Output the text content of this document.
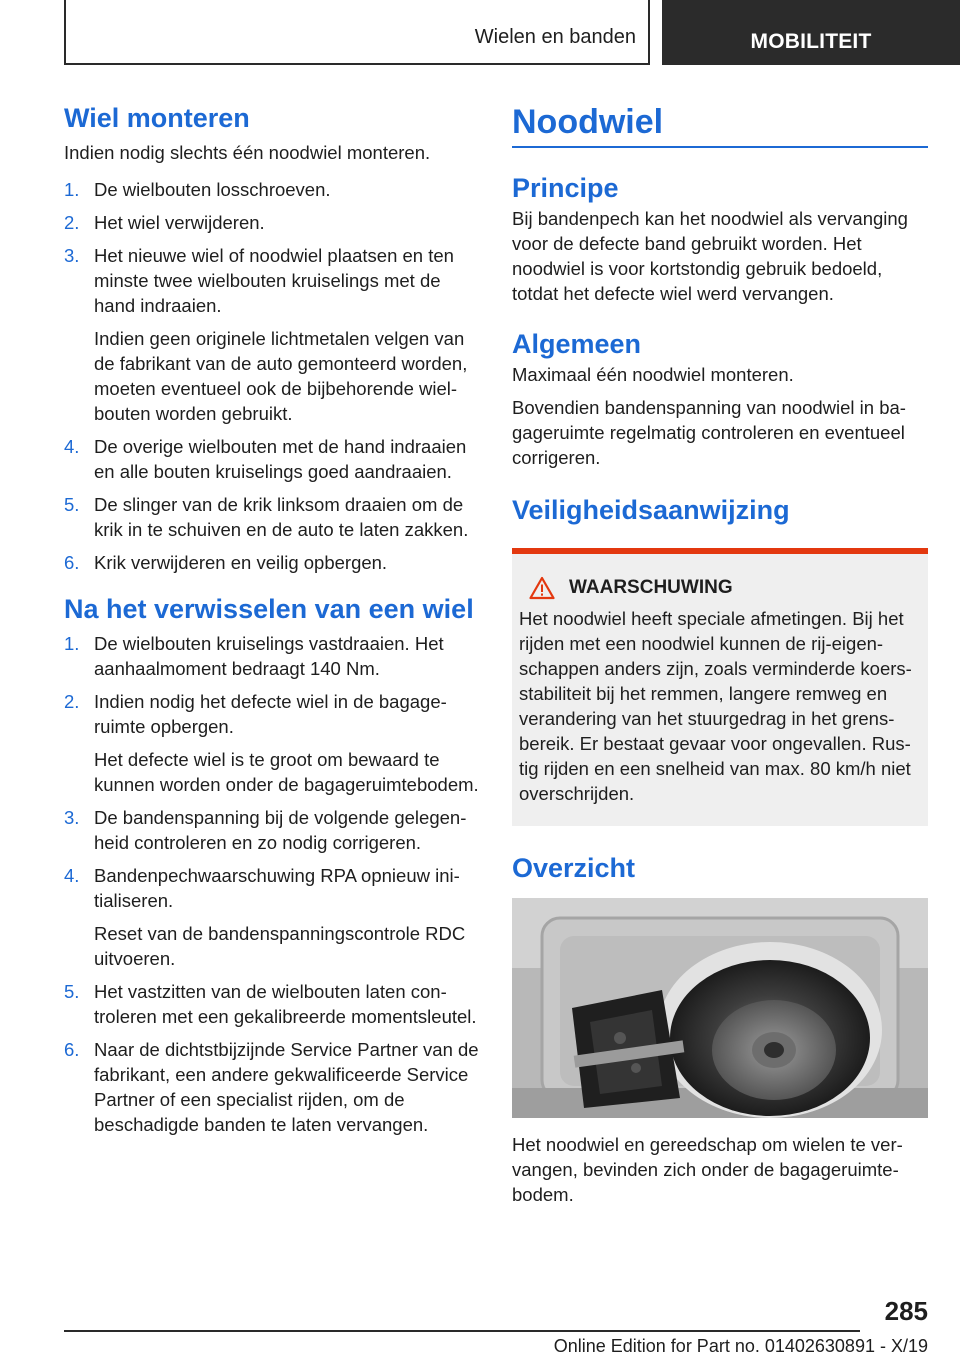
Wielen en banden	MOBILITEIT
Wiel monteren
Indien nodig slechts één noodwiel monteren.
1. De wielbouten losschroeven.
2. Het wiel verwijderen.
3. Het nieuwe wiel of noodwiel plaatsen en ten minste twee wielbouten kruiselings met de hand indraaien.
Indien geen originele lichtmetalen velgen van de fabrikant van de auto gemonteerd worden, moeten eventueel ook de bijbehorende wielbouten worden gebruikt.
4. De overige wielbouten met de hand indraaien en alle bouten kruiselings goed aandraaien.
5. De slinger van de krik linksom draaien om de krik in te schuiven en de auto te laten zakken.
6. Krik verwijderen en veilig opbergen.
Na het verwisselen van een wiel
1. De wielbouten kruiselings vastdraaien. Het aanhaalmoment bedraagt 140 Nm.
2. Indien nodig het defecte wiel in de bagageruimte opbergen.
Het defecte wiel is te groot om bewaard te kunnen worden onder de bagageruimtebodem.
3. De bandenspanning bij de volgende gelegenheid controleren en zo nodig corrigeren.
4. Bandenpechwaarschuwing RPA opnieuw initialiseren.
Reset van de bandenspanningscontrole RDC uitvoeren.
5. Het vastzitten van de wielbouten laten controleren met een gekalibreerde momentsleutel.
6. Naar de dichtstbijzijnde Service Partner van de fabrikant, een andere gekwalificeerde Service Partner of een specialist rijden, om de beschadigde banden te laten vervangen.
Noodwiel
Principe
Bij bandenpech kan het noodwiel als vervanging voor de defecte band gebruikt worden. Het noodwiel is voor kortstondig gebruik bedoeld, totdat het defecte wiel werd vervangen.
Algemeen
Maximaal één noodwiel monteren.
Bovendien bandenspanning van noodwiel in bagageruimte regelmatig controleren en eventueel corrigeren.
Veiligheidsaanwijzing
WAARSCHUWING
Het noodwiel heeft speciale afmetingen. Bij het rijden met een noodwiel kunnen de rij-eigenschappen anders zijn, zoals verminderde koersstabiliteit bij het remmen, langere remweg en verandering van het stuurgedrag in het grensbereik. Er bestaat gevaar voor ongevallen. Rustig rijden en een snelheid van max. 80 km/h niet overschrijden.
Overzicht
Het noodwiel en gereedschap om wielen te vervangen, bevinden zich onder de bagageruimtebodem.
285
Online Edition for Part no. 01402630891 - X/19
